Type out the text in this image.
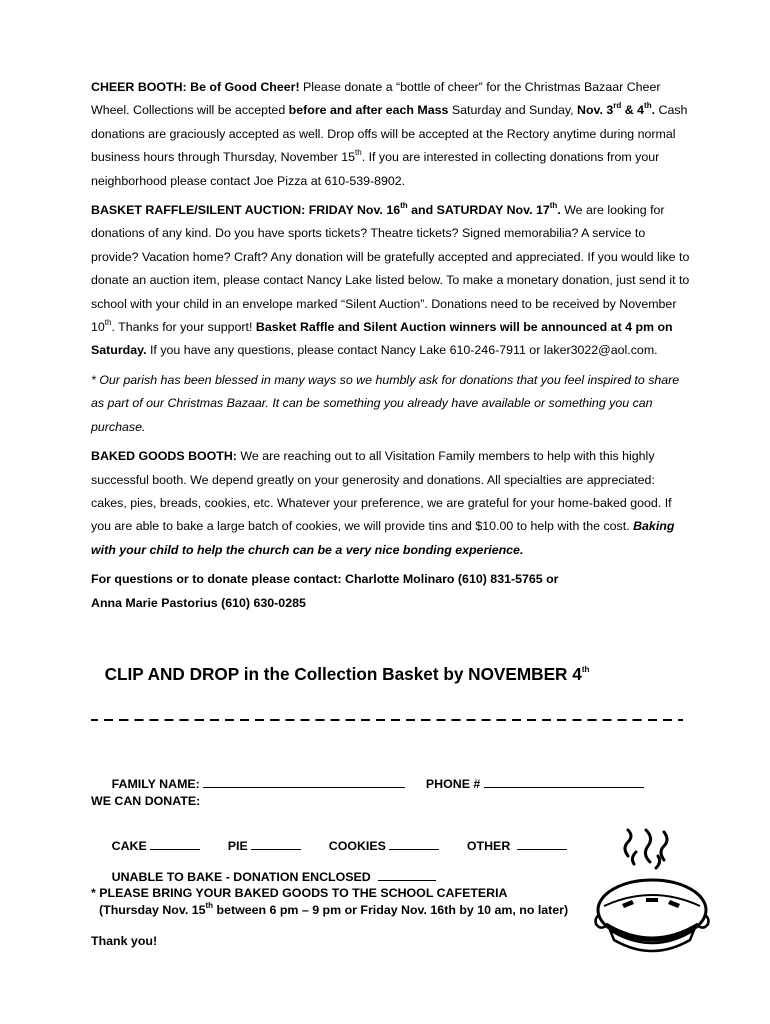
CHEER BOOTH: Be of Good Cheer! Please donate a “bottle of cheer” for the Christmas Bazaar Cheer Wheel. Collections will be accepted before and after each Mass Saturday and Sunday, Nov. 3rd & 4th. Cash donations are graciously accepted as well. Drop offs will be accepted at the Rectory anytime during normal business hours through Thursday, November 15th. If you are interested in collecting donations from your neighborhood please contact Joe Pizza at 610-539-8902.

BASKET RAFFLE/SILENT AUCTION: FRIDAY Nov. 16th and SATURDAY Nov. 17th. We are looking for donations of any kind. Do you have sports tickets? Theatre tickets? Signed memorabilia? A service to provide? Vacation home? Craft? Any donation will be gratefully accepted and appreciated. If you would like to donate an auction item, please contact Nancy Lake listed below. To make a monetary donation, just send it to school with your child in an envelope marked “Silent Auction”. Donations need to be received by November 10th. Thanks for your support! Basket Raffle and Silent Auction winners will be announced at 4 pm on Saturday. If you have any questions, please contact Nancy Lake 610-246-7911 or laker3022@aol.com.

* Our parish has been blessed in many ways so we humbly ask for donations that you feel inspired to share as part of our Christmas Bazaar. It can be something you already have available or something you can purchase.

BAKED GOODS BOOTH: We are reaching out to all Visitation Family members to help with this highly successful booth. We depend greatly on your generosity and donations. All specialties are appreciated: cakes, pies, breads, cookies, etc. Whatever your preference, we are grateful for your home-baked good. If you are able to bake a large batch of cookies, we will provide tins and $10.00 to help with the cost. Baking with your child to help the church can be a very nice bonding experience.

For questions or to donate please contact: Charlotte Molinaro (610) 831-5765 or
Anna Marie Pastorius (610) 630-0285

CLIP AND DROP in the Collection Basket by NOVEMBER 4th

FAMILY NAME:	PHONE #

WE CAN DONATE:

CAKE	PIE	COOKIES	OTHER

UNABLE TO BAKE - DONATION ENCLOSED

* PLEASE BRING YOUR BAKED GOODS TO THE SCHOOL CAFETERIA
(Thursday Nov. 15th between 6 pm – 9 pm or Friday Nov. 16th by 10 am, no later)
Thank you!
